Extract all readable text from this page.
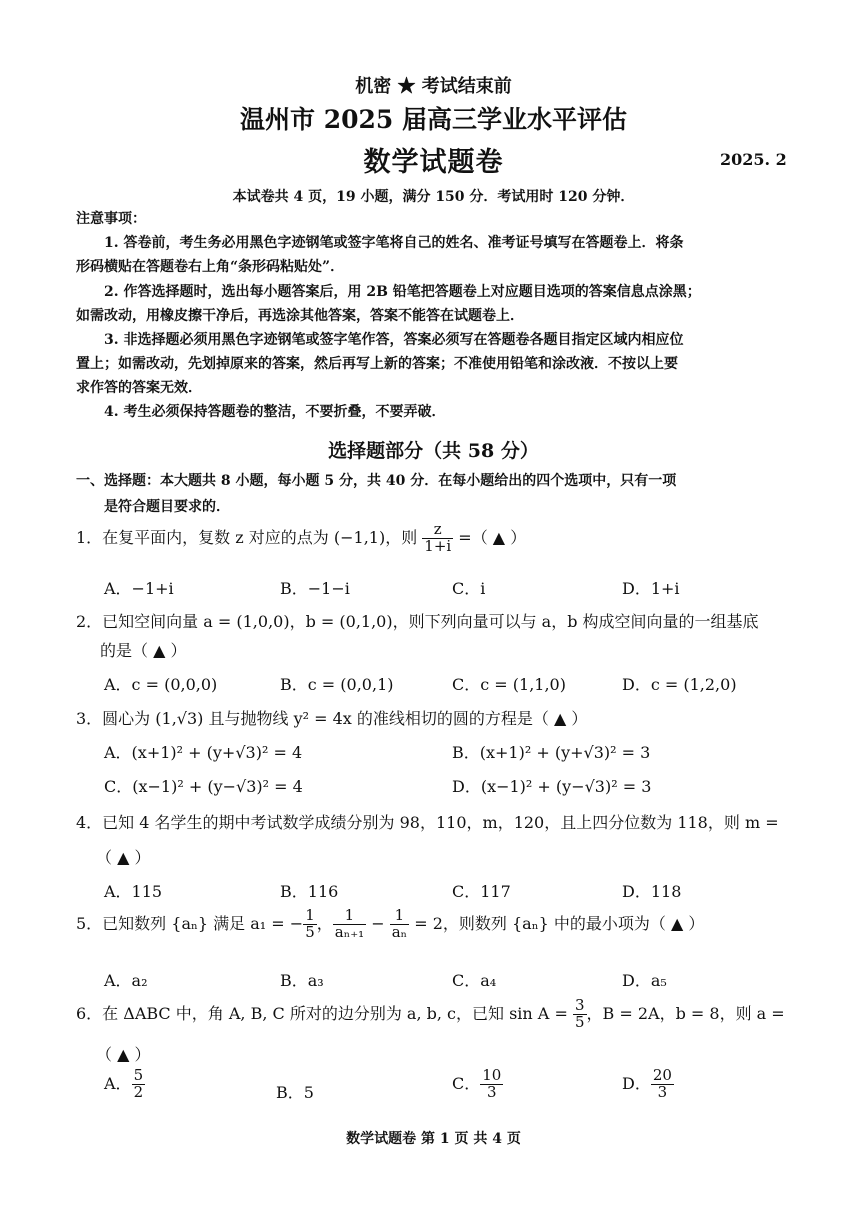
机密 ★ 考试结束前
温州市 2025 届高三学业水平评估
数学试题卷	2025. 2
本试卷共 4 页，19 小题，满分 150 分．考试用时 120 分钟．
注意事项：
1. 答卷前，考生务必用黑色字迹钢笔或签字笔将自己的姓名、准考证号填写在答题卷上．将条
形码横贴在答题卷右上角“条形码粘贴处”．
2. 作答选择题时，选出每小题答案后，用 2B 铅笔把答题卷上对应题目选项的答案信息点涂黑；
如需改动，用橡皮擦干净后，再选涂其他答案，答案不能答在试题卷上．
3. 非选择题必须用黑色字迹钢笔或签字笔作答，答案必须写在答题卷各题目指定区域内相应位
置上；如需改动，先划掉原来的答案，然后再写上新的答案；不准使用铅笔和涂改液．不按以上要
求作答的答案无效．
4. 考生必须保持答题卷的整洁，不要折叠，不要弄破．
选择题部分（共 58 分）
一、选择题：本大题共 8 小题，每小题 5 分，共 40 分．在每小题给出的四个选项中，只有一项
是符合题目要求的．
1．在复平面内，复数 z 对应的点为 (−1,1)，则 $\frac{z}{1+i}$ =（ ▲ ）
A．−1+i	B．−1−i	C．i	D．1+i
2．已知空间向量 a = (1,0,0)，b = (0,1,0)，则下列向量可以与 a，b 构成空间向量的一组基底
的是（ ▲ ）
A．c = (0,0,0)	B．c = (0,0,1)	C．c = (1,1,0)	D．c = (1,2,0)
3．圆心为 (1,√3) 且与抛物线 y² = 4x 的准线相切的圆的方程是（ ▲ ）
A．(x+1)² + (y+√3)² = 4	B．(x+1)² + (y+√3)² = 3
C．(x−1)² + (y−√3)² = 4	D．(x−1)² + (y−√3)² = 3
4．已知 4 名学生的期中考试数学成绩分别为 98，110，m，120，且上四分位数为 118，则 m =
（ ▲ ）
A．115	B．116	C．117	D．118
5．已知数列 {aₙ} 满足 a₁ = − $\frac{1}{5}$ ， $\frac{1}{\text{aₙ₊₁}} - \frac{1}{\text{aₙ}} = 2$，则数列 {aₙ} 中的最小项为（ ▲ ）
A．a₂	B．a₃	C．a₄	D．a₅
6．在 ΔABC 中，角 A, B, C 所对的边分别为 a, b, c，已知 $\sin A = \frac{3}{5}$ ，B = 2A，b = 8，则 a =
（ ▲ ）
A． $\frac{5}{2}$	B．5	C． $\frac{10}{3}$	D． $\frac{20}{3}$
数学试题卷 第 1 页 共 4 页
